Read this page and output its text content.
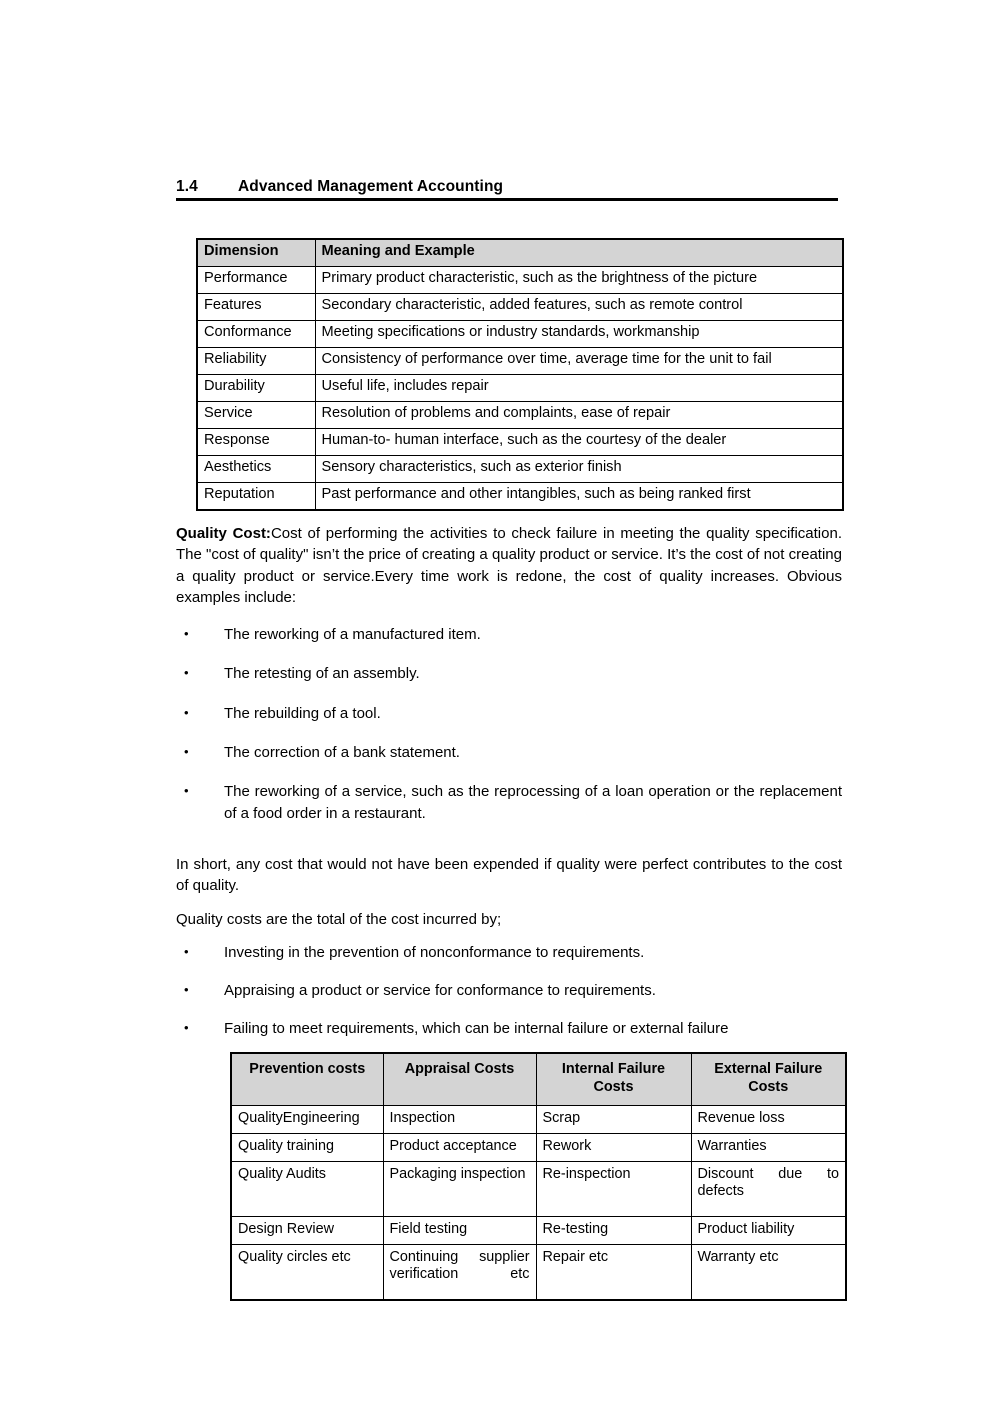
1.4	Advanced Management Accounting
Dimension	Meaning and Example
Performance	Primary product characteristic, such as the brightness of the picture
Features	Secondary characteristic, added features, such as remote control
Conformance	Meeting specifications or industry standards, workmanship
Reliability	Consistency of performance over time, average time for the unit to fail
Durability	Useful life, includes repair
Service	Resolution of problems and complaints, ease of repair
Response	Human-to- human interface, such as the courtesy of the dealer
Aesthetics	Sensory characteristics, such as exterior finish
Reputation	Past performance and other intangibles, such as being ranked first

Quality Cost:Cost of performing the activities to check failure in meeting the quality specification. The "cost of quality" isn’t the price of creating a quality product or service. It’s the cost of not creating a quality product or service.Every time work is redone, the cost of quality increases. Obvious examples include:

• The reworking of a manufactured item.
• The retesting of an assembly.
• The rebuilding of a tool.
• The correction of a bank statement.
• The reworking of a service, such as the reprocessing of a loan operation or the replacement of a food order in a restaurant.

In short, any cost that would not have been expended if quality were perfect contributes to the cost of quality.

Quality costs are the total of the cost incurred by;

• Investing in the prevention of nonconformance to requirements.
• Appraising a product or service for conformance to requirements.
• Failing to meet requirements, which can be internal failure or external failure
Prevention costs	Appraisal Costs	Internal Failure Costs	External Failure Costs
QualityEngineering	Inspection	Scrap	Revenue loss
Quality training	Product acceptance	Rework	Warranties
Quality Audits	Packaging inspection	Re-inspection	Discount due to defects
Design Review	Field testing	Re-testing	Product liability
Quality circles etc	Continuing supplier verification etc	Repair etc	Warranty etc
